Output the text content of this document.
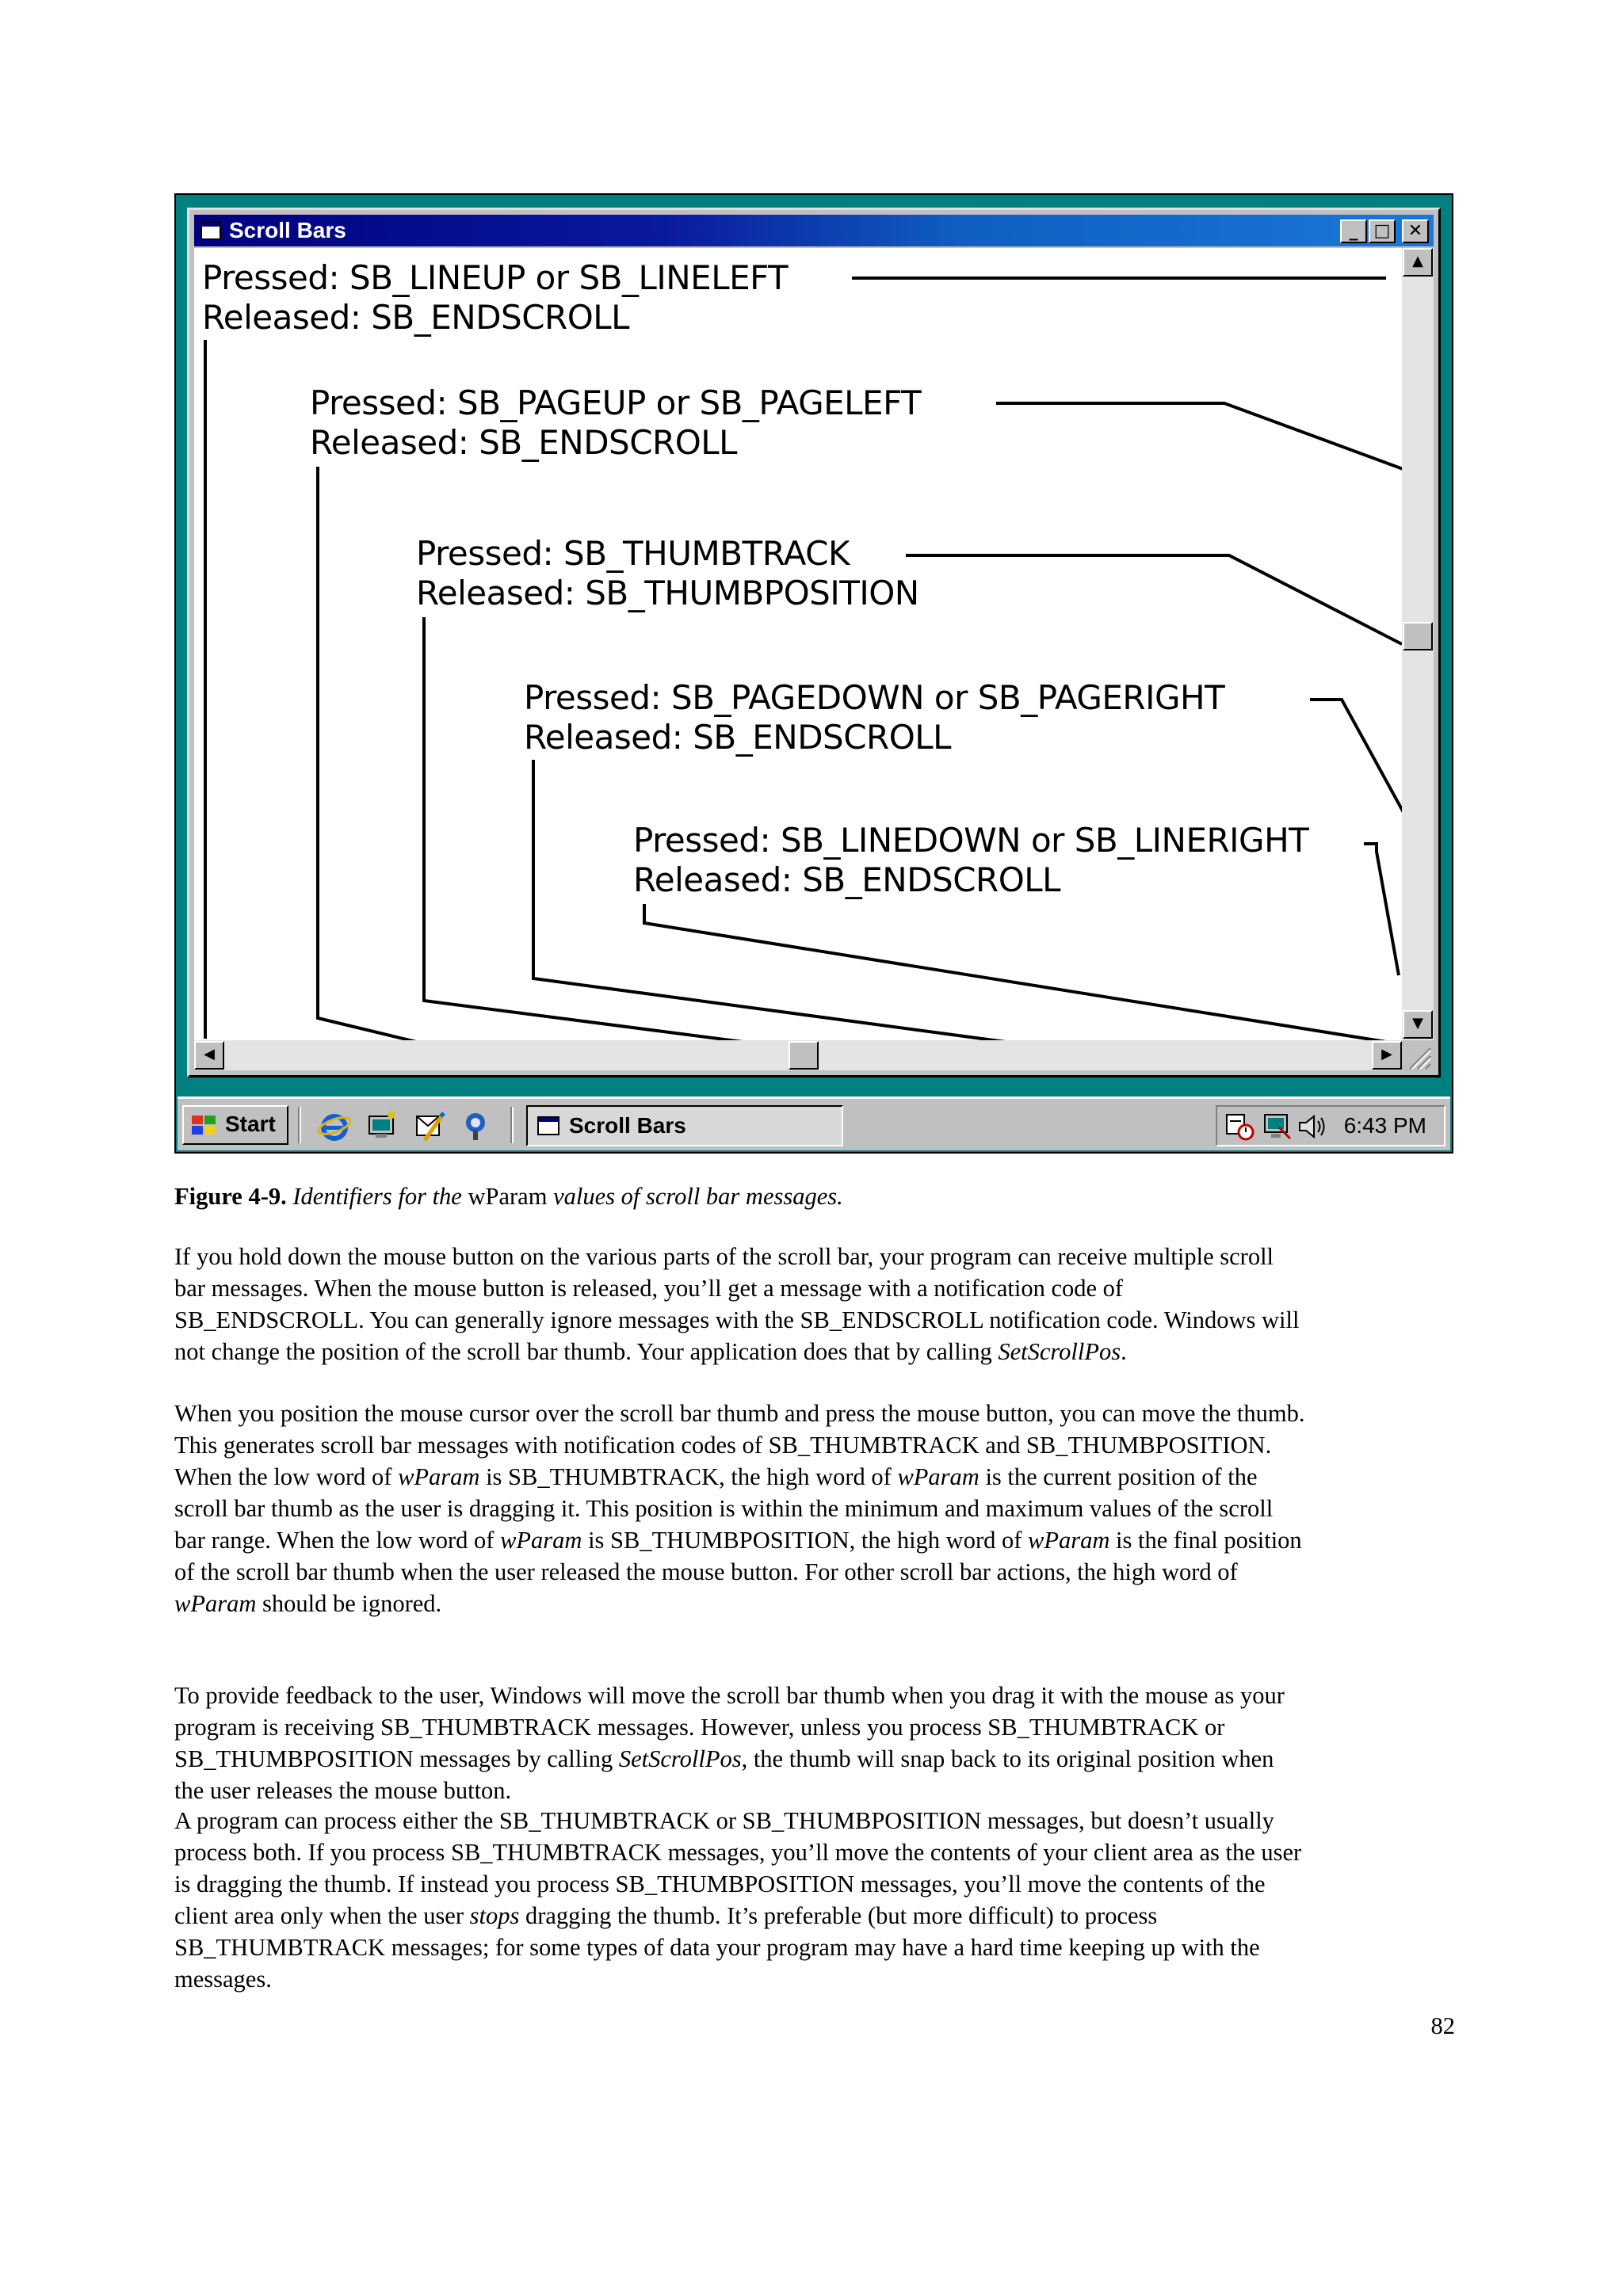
Scroll Bars	_ □	✕
Pressed: SB_LINEUP or SB_LINELEFT
Released: SB_ENDSCROLL
Pressed: SB_PAGEUP or SB_PAGELEFT
Released: SB_ENDSCROLL
Pressed: SB_THUMBTRACK
Released: SB_THUMBPOSITION
Pressed: SB_PAGEDOWN or SB_PAGERIGHT
Released: SB_ENDSCROLL
Pressed: SB_LINEDOWN or SB_LINERIGHT
Released: SB_ENDSCROLL
▲
▼
◀	▶
Start	Scroll Bars	6:43 PM
Figure 4-9. Identifiers for the wParam values of scroll bar messages.
If you hold down the mouse button on the various parts of the scroll bar, your program can receive multiple scroll
bar messages. When the mouse button is released, you’ll get a message with a notification code of
SB_ENDSCROLL. You can generally ignore messages with the SB_ENDSCROLL notification code. Windows will
not change the position of the scroll bar thumb. Your application does that by calling SetScrollPos.
When you position the mouse cursor over the scroll bar thumb and press the mouse button, you can move the thumb.
This generates scroll bar messages with notification codes of SB_THUMBTRACK and SB_THUMBPOSITION.
When the low word of wParam is SB_THUMBTRACK, the high word of wParam is the current position of the
scroll bar thumb as the user is dragging it. This position is within the minimum and maximum values of the scroll
bar range. When the low word of wParam is SB_THUMBPOSITION, the high word of wParam is the final position
of the scroll bar thumb when the user released the mouse button. For other scroll bar actions, the high word of
wParam should be ignored.
To provide feedback to the user, Windows will move the scroll bar thumb when you drag it with the mouse as your
program is receiving SB_THUMBTRACK messages. However, unless you process SB_THUMBTRACK or
SB_THUMBPOSITION messages by calling SetScrollPos, the thumb will snap back to its original position when
the user releases the mouse button.
A program can process either the SB_THUMBTRACK or SB_THUMBPOSITION messages, but doesn’t usually
process both. If you process SB_THUMBTRACK messages, you’ll move the contents of your client area as the user
is dragging the thumb. If instead you process SB_THUMBPOSITION messages, you’ll move the contents of the
client area only when the user stops dragging the thumb. It’s preferable (but more difficult) to process
SB_THUMBTRACK messages; for some types of data your program may have a hard time keeping up with the
messages.
82
